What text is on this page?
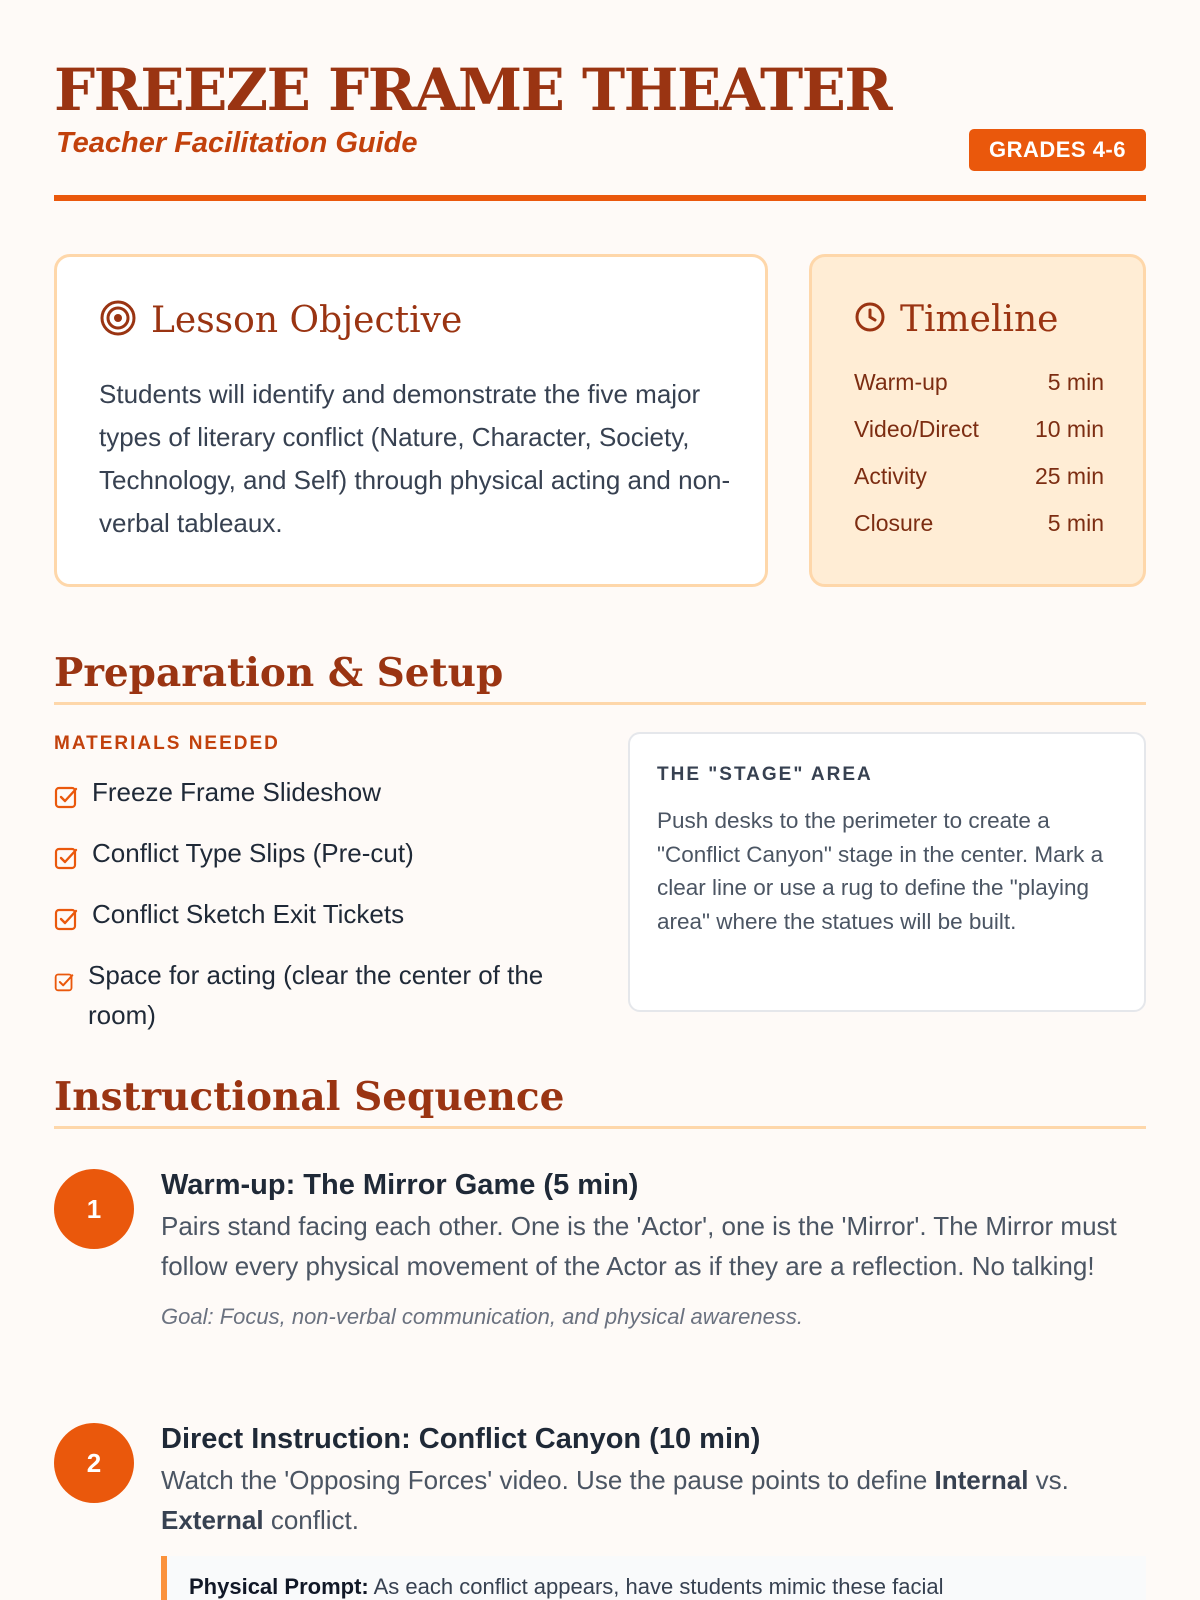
FREEZE FRAME THEATER
Teacher Facilitation Guide	GRADES 4-6
Lesson Objective

Students will identify and demonstrate the five major types of literary conflict (Nature, Character, Society, Technology, and Self) through physical acting and non-verbal tableaux.

Timeline
Warm-up	5 min
Video/Direct 10 min
Activity	25 min
Closure	5 min
Preparation & Setup
MATERIALS NEEDED
Freeze Frame Slideshow
Conflict Type Slips (Pre-cut)
Conflict Sketch Exit Tickets
Space for acting (clear the center of the room)
THE "STAGE" AREA

Push desks to the perimeter to create a "Conflict Canyon" stage in the center. Mark a clear line or use a rug to define the "playing area" where the statues will be built.

Instructional Sequence
1
Warm-up: The Mirror Game (5 min)

Pairs stand facing each other. One is the 'Actor', one is the 'Mirror'. The Mirror must follow every physical movement of the Actor as if they are a reflection. No talking!

Goal: Focus, non-verbal communication, and physical awareness.

2
Direct Instruction: Conflict Canyon (10 min)

Watch the 'Opposing Forces' video. Use the pause points to define Internal vs. External conflict.

Physical Prompt: As each conflict appears, have students mimic these facial
